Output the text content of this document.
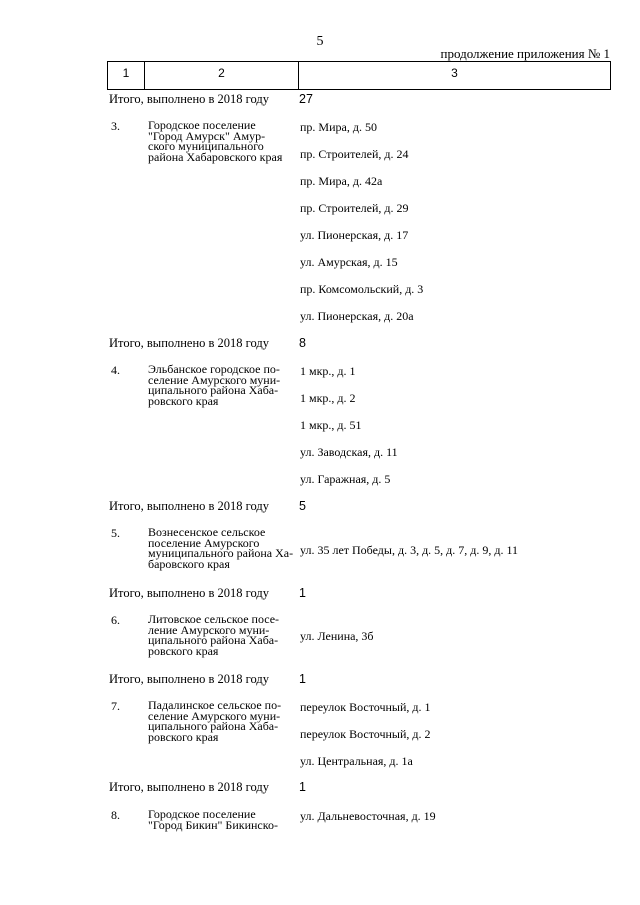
5
продолжение приложения № 1
1	2	3
Итого, выполнено в 2018 году 27
3. Городское поселение
"Город Амурск" Амур-
ского муниципального
района Хабаровского края
пр. Мира, д. 50
пр. Строителей, д. 24
пр. Мира, д. 42а
пр. Строителей, д. 29
ул. Пионерская, д. 17
ул. Амурская, д. 15
пр. Комсомольский, д. 3
ул. Пионерская, д. 20а
Итого, выполнено в 2018 году 8
4. Эльбанское городское по-
селение Амурского муни-
ципального района Хаба-
ровского края
1 мкр., д. 1
1 мкр., д. 2
1 мкр., д. 51
ул. Заводская, д. 11
ул. Гаражная, д. 5
Итого, выполнено в 2018 году 5
5. Вознесенское сельское
поселение Амурского
муниципального района Ха-
баровского края
ул. 35 лет Победы, д. 3, д. 5, д. 7, д. 9, д. 11
Итого, выполнено в 2018 году 1
6. Литовское сельское посе-
ление Амурского муни-
ципального района Хаба-
ровского края
ул. Ленина, 3б
Итого, выполнено в 2018 году 1
7. Падалинское сельское по-
селение Амурского муни-
ципального района Хаба-
ровского края
переулок Восточный, д. 1
переулок Восточный, д. 2
ул. Центральная, д. 1а
Итого, выполнено в 2018 году 1
8. Городское поселение
"Город Бикин" Бикинско-
ул. Дальневосточная, д. 19
